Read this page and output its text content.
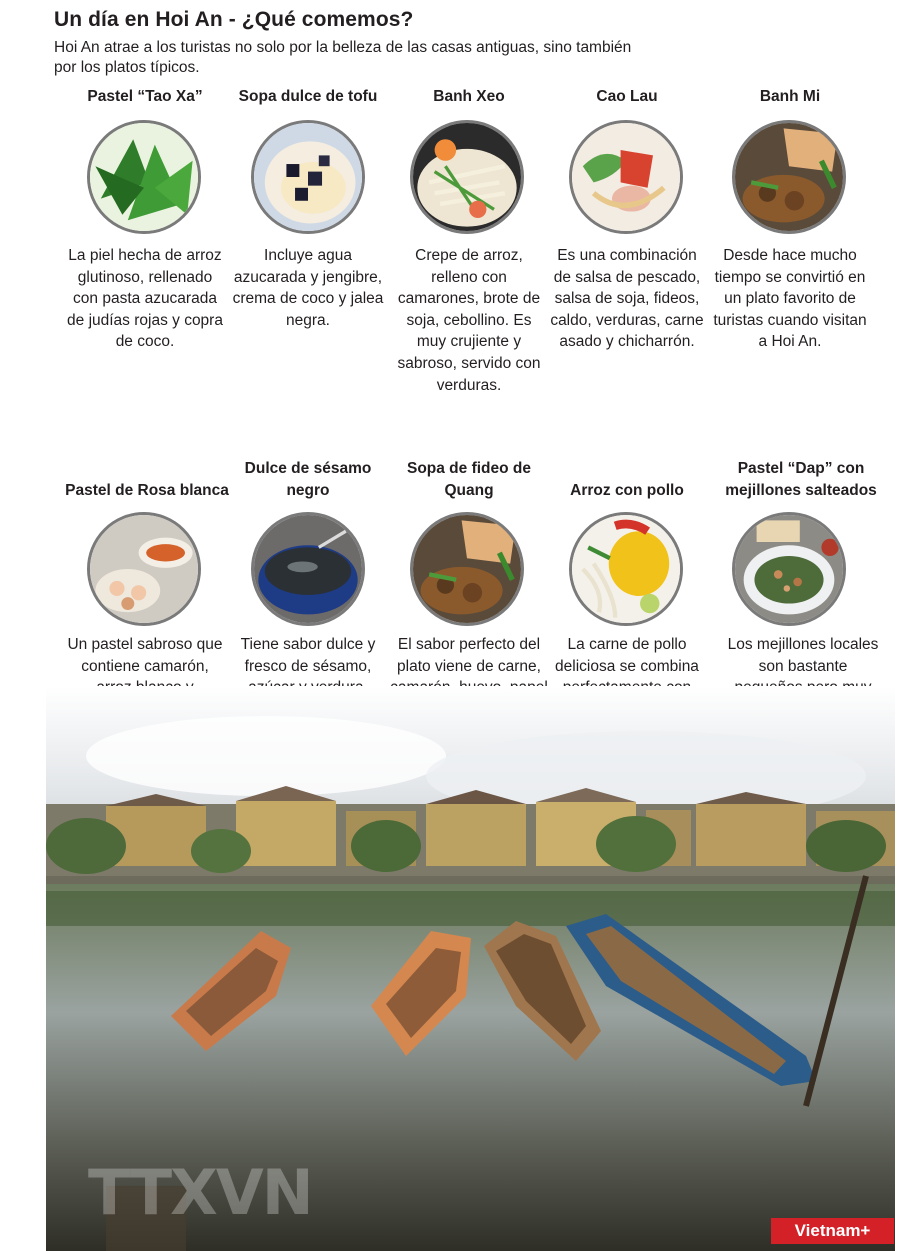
Un día en Hoi An - ¿Qué comemos?

Hoi An atrae a los turistas no solo por la belleza de las casas antiguas, sino también por los platos típicos.

Pastel “Tao Xa”
La piel hecha de arroz glutinoso, rellenado con pasta azucarada de judías rojas y copra de coco.
Sopa dulce de tofu
Incluye agua azucarada y jengibre, crema de coco y jalea negra.
Banh Xeo
Crepe de arroz, relleno con camarones, brote de soja, cebollino. Es muy crujiente y sabroso, servido con verduras.
Cao Lau
Es una combinación de salsa de pescado, salsa de soja, fideos, caldo, verduras, carne asado y chicharrón.
Banh Mi
Desde hace mucho tiempo se convirtió en un plato favorito de turistas cuando visitan a Hoi An.
Pastel de Rosa blanca
Un pastel sabroso que contiene camarón,
Dulce de sésamo negro
Tiene sabor dulce y fresco de sésamo,
Sopa de fideo de Quang
El sabor perfecto del plato viene de carne,
Arroz con pollo
La carne de pollo deliciosa se combina
Pastel “Dap” con mejillones salteados
Los mejillones locales son bastante
TTXVN
Vietnam+
